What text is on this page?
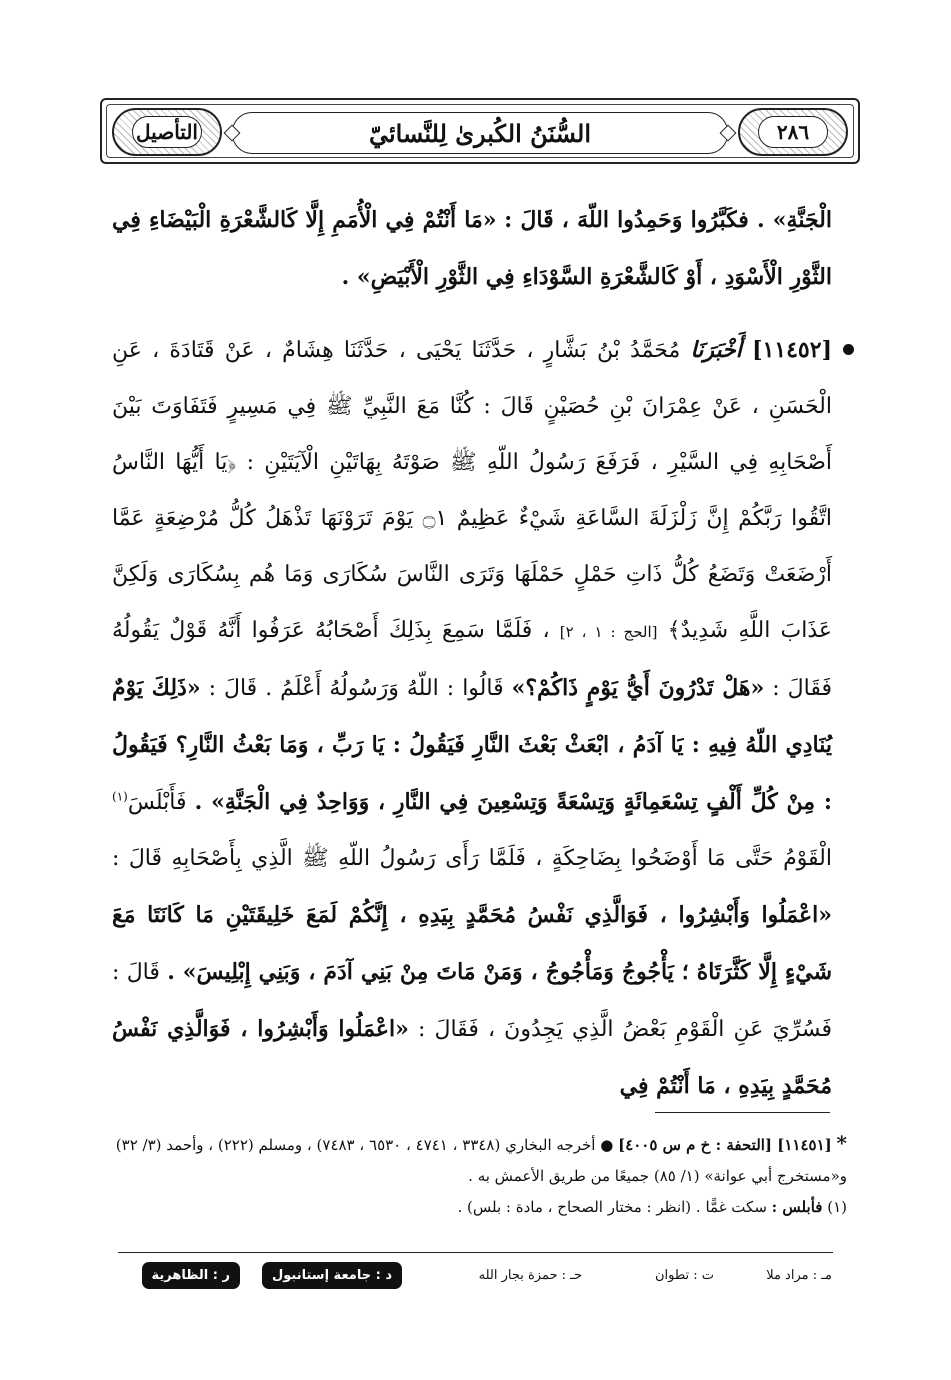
التأصيل	السُّنَنُ الكُبرىٰ لِلنَّسائيّ	٢٨٦
الْجَنَّةِ» . فكَبَّرُوا وَحَمِدُوا اللّهَ ، قَالَ : «مَا أَنْتُمْ فِي الْأُمَمِ إِلَّا كَالشَّعْرَةِ الْبَيْضَاءِ فِي الثَّوْرِ الْأَسْوَدِ ، أَوْ كَالشَّعْرَةِ السَّوْدَاءِ فِي الثَّوْرِ الْأَبْيَضِ» .
[١١٤٥٢] أَخْبَرَنَا مُحَمَّدُ بْنُ بَشَّارٍ ، حَدَّثَنَا يَحْيَى ، حَدَّثَنَا هِشَامٌ ، عَنْ قَتَادَةَ ، عَنِ الْحَسَنِ ، عَنْ عِمْرَانَ بْنِ حُصَيْنٍ قَالَ : كُنَّا مَعَ النَّبِيِّ ﷺ فِي مَسِيرٍ فَتَفَاوَتَ بَيْنَ أَصْحَابِهِ فِي السَّيْرِ ، فَرَفَعَ رَسُولُ اللّهِ ﷺ صَوْتَهُ بِهَاتَيْنِ الْآيَتَيْنِ : ﴿يَا أَيُّهَا النَّاسُ اتَّقُوا رَبَّكُمْ إِنَّ زَلْزَلَةَ السَّاعَةِ شَيْءٌ عَظِيمٌ ۝١ يَوْمَ تَرَوْنَهَا تَذْهَلُ كُلُّ مُرْضِعَةٍ عَمَّا أَرْضَعَتْ وَتَضَعُ كُلُّ ذَاتِ حَمْلٍ حَمْلَهَا وَتَرَى النَّاسَ سُكَارَى وَمَا هُم بِسُكَارَى وَلَكِنَّ عَذَابَ اللَّهِ شَدِيدٌ﴾ [الحج : ١ ، ٢] ، فَلَمَّا سَمِعَ بِذَلِكَ أَصْحَابُهُ عَرَفُوا أَنَّهُ قَوْلٌ يَقُولُهُ فَقَالَ : «هَلْ تَدْرُونَ أَيُّ يَوْمٍ ذَاكُمْ؟» قَالُوا : اللّهُ وَرَسُولُهُ أَعْلَمُ . قَالَ : «ذَلِكَ يَوْمٌ يُنَادِي اللّهُ فِيهِ : يَا آدَمُ ، ابْعَثْ بَعْثَ النَّارِ فَيَقُولُ : يَا رَبِّ ، وَمَا بَعْثُ النَّارِ؟ فَيَقُولُ : مِنْ كُلِّ أَلْفٍ تِسْعَمِائَةٍ وَتِسْعَةً وَتِسْعِينَ فِي النَّارِ ، وَوَاحِدٌ فِي الْجَنَّةِ» . فَأَبْلَسَ$^{(١)}$ الْقَوْمُ حَتَّى مَا أَوْضَحُوا بِضَاحِكَةٍ ، فَلَمَّا رَأَى رَسُولُ اللّهِ ﷺ الَّذِي بِأَصْحَابِهِ قَالَ : «اعْمَلُوا وَأَبْشِرُوا ، فَوَالَّذِي نَفْسُ مُحَمَّدٍ بِيَدِهِ ، إِنَّكُمْ لَمَعَ خَلِيقَتَيْنِ مَا كَانَتَا مَعَ شَيْءٍ إِلَّا كَثَّرَتَاهُ ؛ يَأْجُوجُ وَمَأْجُوجُ ، وَمَنْ مَاتَ مِنْ بَنِي آدَمَ ، وَبَنِي إِبْلِيسَ» . قَالَ : فَسُرِّيَ عَنِ الْقَوْمِ بَعْضُ الَّذِي يَجِدُونَ ، فَقَالَ : «اعْمَلُوا وَأَبْشِرُوا ، فَوَالَّذِي نَفْسُ مُحَمَّدٍ بِيَدِهِ ، مَا أَنْتُمْ فِي
* [١١٤٥١] [التحفة : خ م س ٤٠٠٥] ● أخرجه البخاري (٣٣٤٨ ، ٤٧٤١ ، ٦٥٣٠ ، ٧٤٨٣) ، ومسلم (٢٢٢) ، وأحمد (٣/ ٣٢) و«مستخرج أبي عوانة» (١/ ٨٥) جميعًا من طريق الأعمش به .
(١) فأبلس : سكت غمًّا . (انظر : مختار الصحاح ، مادة : بلس) .
مـ : مراد ملا
ت : تطوان
حـ : حمزة بجار الله
د : جامعة إستانبول
ر : الظاهرية
